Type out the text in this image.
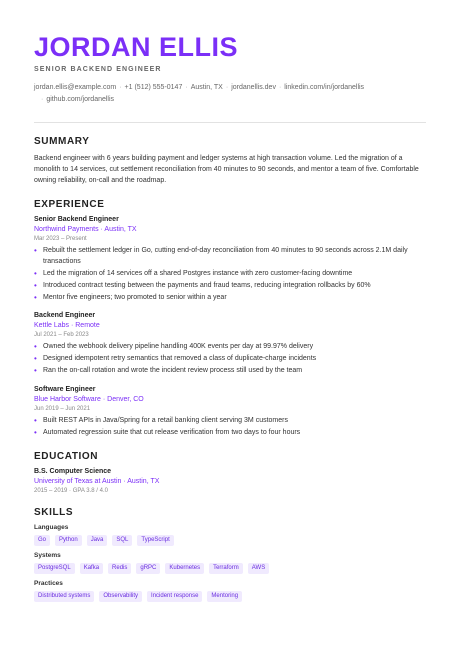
JORDAN ELLIS
SENIOR BACKEND ENGINEER
jordan.ellis@example.com · +1 (512) 555-0147 · Austin, TX · jordanellis.dev · linkedin.com/in/jordanellis
· github.com/jordanellis
SUMMARY

Backend engineer with 6 years building payment and ledger systems at high transaction volume. Led the migration of a monolith to 14 services, cut settlement reconciliation from 40 minutes to 90 seconds, and mentor a team of five. Comfortable owning reliability, on-call and the roadmap.

EXPERIENCE
Senior Backend Engineer
Northwind Payments · Austin, TX
Mar 2023 – Present
• Rebuilt the settlement ledger in Go, cutting end-of-day reconciliation from 40 minutes to 90 seconds across 2.1M daily transactions
• Led the migration of 14 services off a shared Postgres instance with zero customer-facing downtime
• Introduced contract testing between the payments and fraud teams, reducing integration rollbacks by 60%
• Mentor five engineers; two promoted to senior within a year
Backend Engineer
Kettle Labs · Remote
Jul 2021 – Feb 2023
• Owned the webhook delivery pipeline handling 400K events per day at 99.97% delivery
• Designed idempotent retry semantics that removed a class of duplicate-charge incidents
• Ran the on-call rotation and wrote the incident review process still used by the team
Software Engineer
Blue Harbor Software · Denver, CO
Jun 2019 – Jun 2021
• Built REST APIs in Java/Spring for a retail banking client serving 3M customers
• Automated regression suite that cut release verification from two days to four hours
EDUCATION
B.S. Computer Science
University of Texas at Austin · Austin, TX
2015 – 2019 · GPA 3.8 / 4.0
SKILLS
Languages
Go	Python	Java	SQL	TypeScript
Systems
PostgreSQL	Kafka	Redis	gRPC	Kubernetes	Terraform	AWS
Practices
Distributed systems	Observability	Incident response	Mentoring
